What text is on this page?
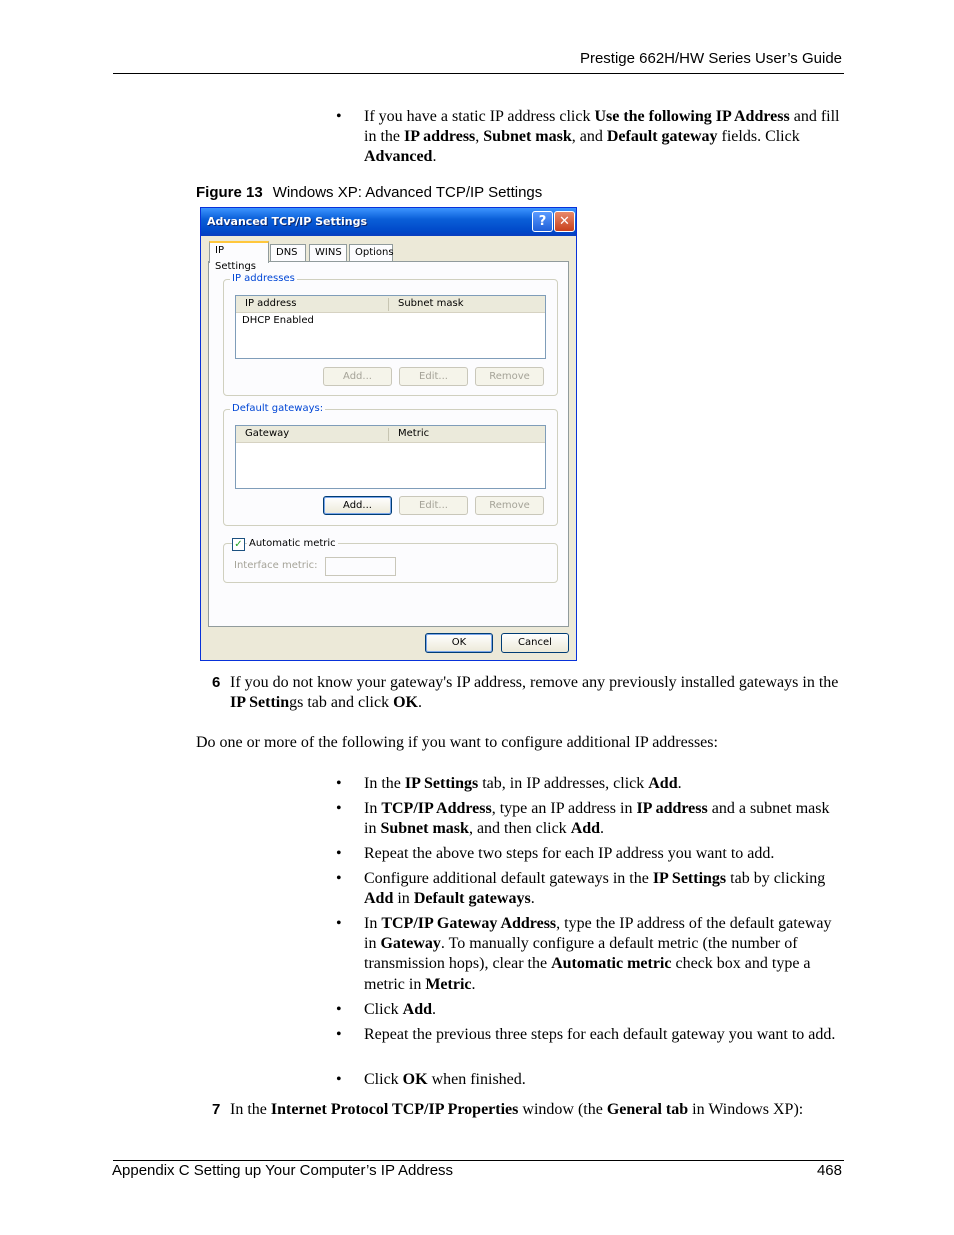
Prestige 662H/HW Series User’s Guide
• If you have a static IP address click Use the following IP Address and fill in the IP address, Subnet mask, and Default gateway fields. Click Advanced.
Figure 13 Windows XP: Advanced TCP/IP Settings
Advanced TCP/IP Settings	? ✕
IP Settings
DNS	WINS	Options
IP addresses
IP address	Subnet mask
DHCP Enabled
Add...	Edit...	Remove
Default gateways:
Gateway	Metric
Add...	Edit...	Remove
✓ Automatic metric
Interface metric:
OK	Cancel
6 If you do not know your gateway's IP address, remove any previously installed gateways in the IP Settings tab and click OK.
Do one or more of the following if you want to configure additional IP addresses:
• In the IP Settings tab, in IP addresses, click Add.
• In TCP/IP Address, type an IP address in IP address and a subnet mask in Subnet mask, and then click Add.
• Repeat the above two steps for each IP address you want to add.
• Configure additional default gateways in the IP Settings tab by clicking Add in Default gateways.
• In TCP/IP Gateway Address, type the IP address of the default gateway in Gateway. To manually configure a default metric (the number of transmission hops), clear the Automatic metric check box and type a metric in Metric.
• Click Add.
• Repeat the previous three steps for each default gateway you want to add.
• Click OK when finished.
7 In the Internet Protocol TCP/IP Properties window (the General tab in Windows XP):
Appendix C Setting up Your Computer’s IP Address	468
